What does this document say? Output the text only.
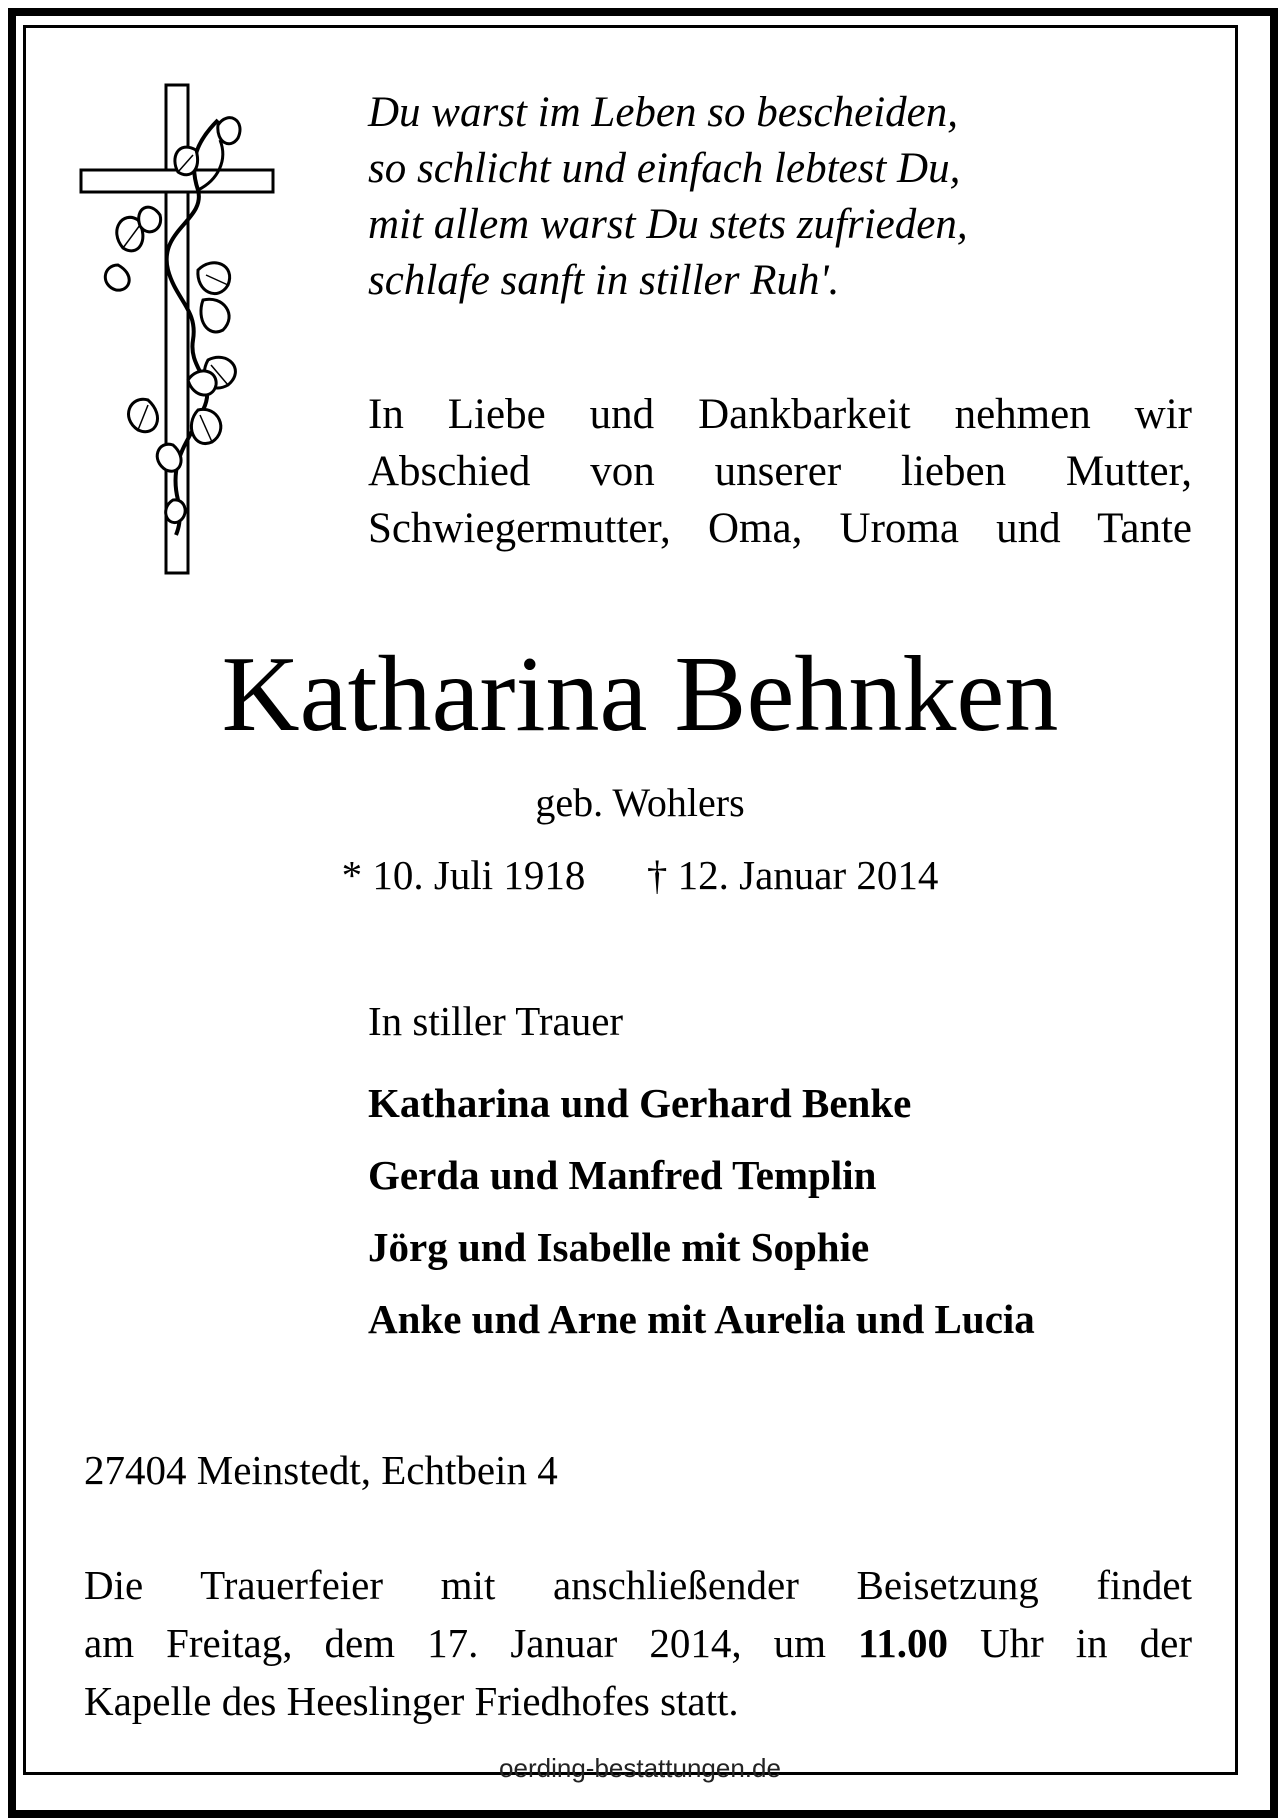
Du warst im Leben so bescheiden,
so schlicht und einfach lebtest Du,
mit allem warst Du stets zufrieden,
schlafe sanft in stiller Ruh'.
In Liebe und Dankbarkeit nehmen wir
Abschied von unserer lieben Mutter,
Schwiegermutter, Oma, Uroma und Tante
Katharina Behnken
geb. Wohlers
* 10. Juli 1918      † 12. Januar 2014
In stiller Trauer
Katharina und Gerhard Benke
Gerda und Manfred Templin
Jörg und Isabelle mit Sophie
Anke und Arne mit Aurelia und Lucia
27404 Meinstedt, Echtbein 4
Die Trauerfeier mit anschließender Beisetzung findet
am Freitag, dem 17. Januar 2014, um 11.00 Uhr in der
Kapelle des Heeslinger Friedhofes statt.
oerding-bestattungen.de
